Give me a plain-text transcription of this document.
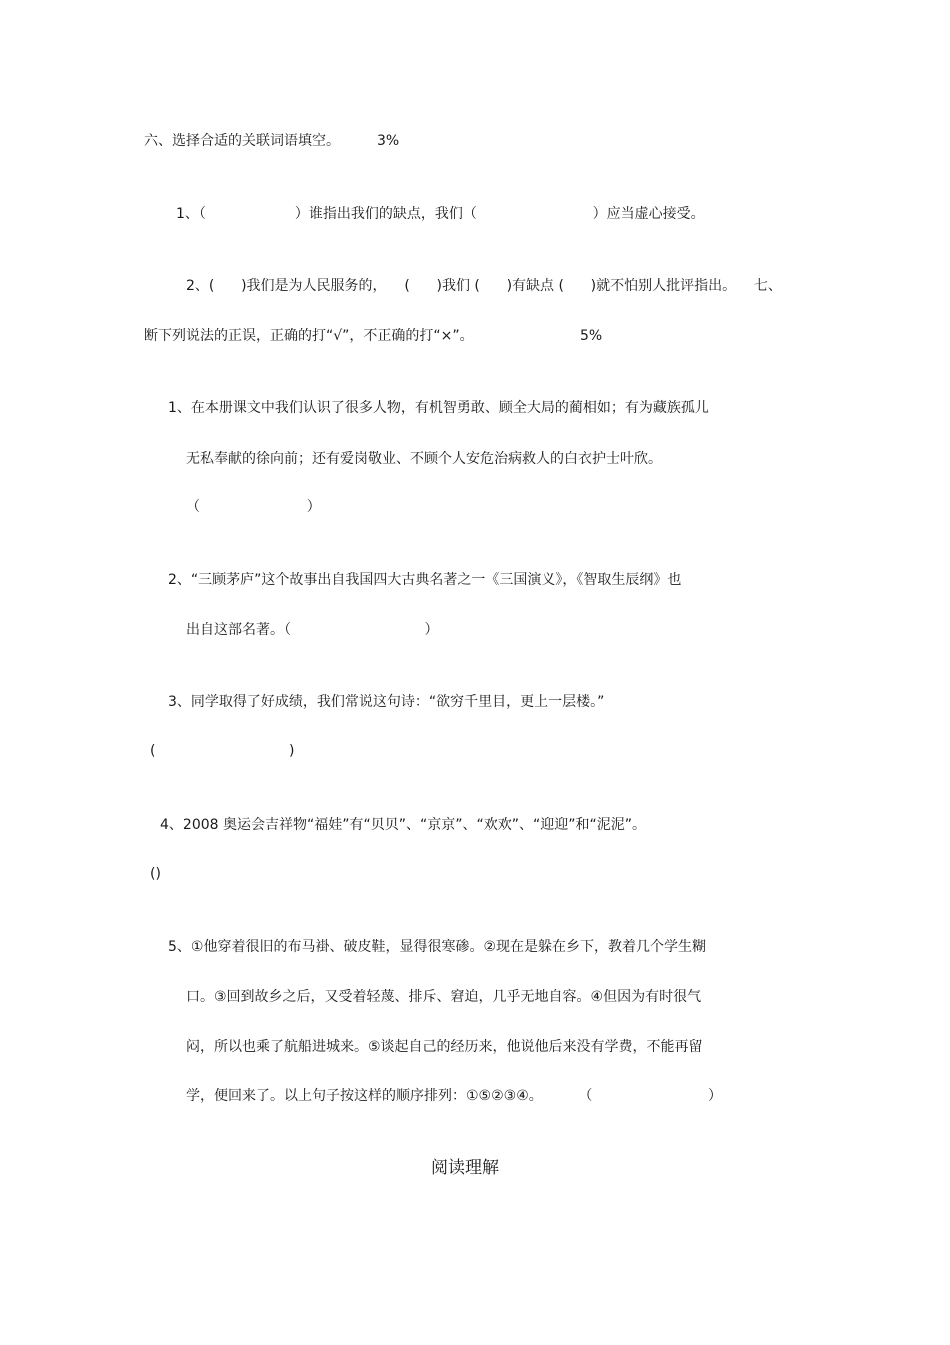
六、选择合适的关联词语填空。	3%
1、（                    ）谁指出我们的缺点，我们（                          ）应当虚心接受。
2、(      )我们是为人民服务的，    (      )我们 (      )有缺点 (      )就不怕别人批评指出。    七、
断下列说法的正误，正确的打“√”，不正确的打“×”。	5%
1、在本册课文中我们认识了很多人物，有机智勇敢、顾全大局的蔺相如；有为藏族孤儿
无私奉献的徐向前；还有爱岗敬业、不顾个人安危治病救人的白衣护士叶欣。
（                        ）
2、“三顾茅庐”这个故事出自我国四大古典名著之一《三国演义》，《智取生辰纲》也
出自这部名著。（                              ）
3、同学取得了好成绩，我们常说这句诗：“欲穷千里目，更上一层楼。”
(                              )
4、2008 奥运会吉祥物“福娃”有“贝贝”、“京京”、“欢欢”、“迎迎”和“泥泥”。
()
5、①他穿着很旧的布马褂、破皮鞋，显得很寒碜。②现在是躲在乡下，教着几个学生糊
口。③回到故乡之后，又受着轻蔑、排斥、窘迫，几乎无地自容。④但因为有时很气
闷，所以也乘了航船进城来。⑤谈起自己的经历来，他说他后来没有学费，不能再留
学，便回来了。以上句子按这样的顺序排列：①⑤②③④。        （                          ）
阅读理解
